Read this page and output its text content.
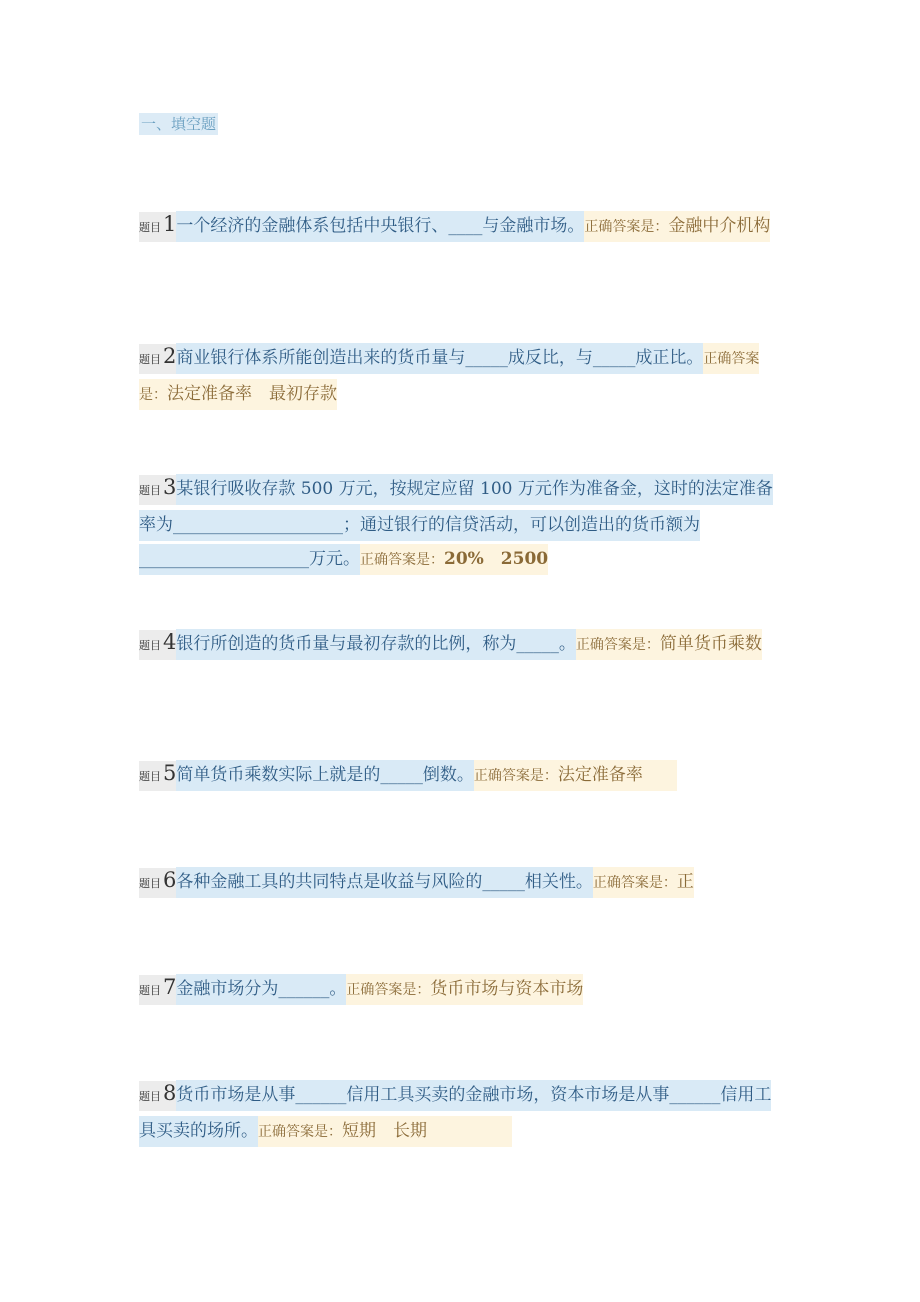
一、填空题
题目1一个经济的金融体系包括中央银行、____与金融市场。正确答案是：金融中介机构
题目2商业银行体系所能创造出来的货币量与_____成反比，与_____成正比。正确答案是：法定准备率　最初存款
题目3某银行吸收存款 500 万元，按规定应留 100 万元作为准备金，这时的法定准备率为____________________；通过银行的信贷活动，可以创造出的货币额为____________________万元。正确答案是：20%　2500
题目4银行所创造的货币量与最初存款的比例，称为_____。正确答案是：简单货币乘数
题目5简单货币乘数实际上就是的_____倒数。正确答案是：法定准备率　　
题目6各种金融工具的共同特点是收益与风险的_____相关性。正确答案是：正
题目7金融市场分为______。正确答案是：货币市场与资本市场
题目8货币市场是从事______信用工具买卖的金融市场，资本市场是从事______信用工具买卖的场所。正确答案是：短期　长期　　　　　
